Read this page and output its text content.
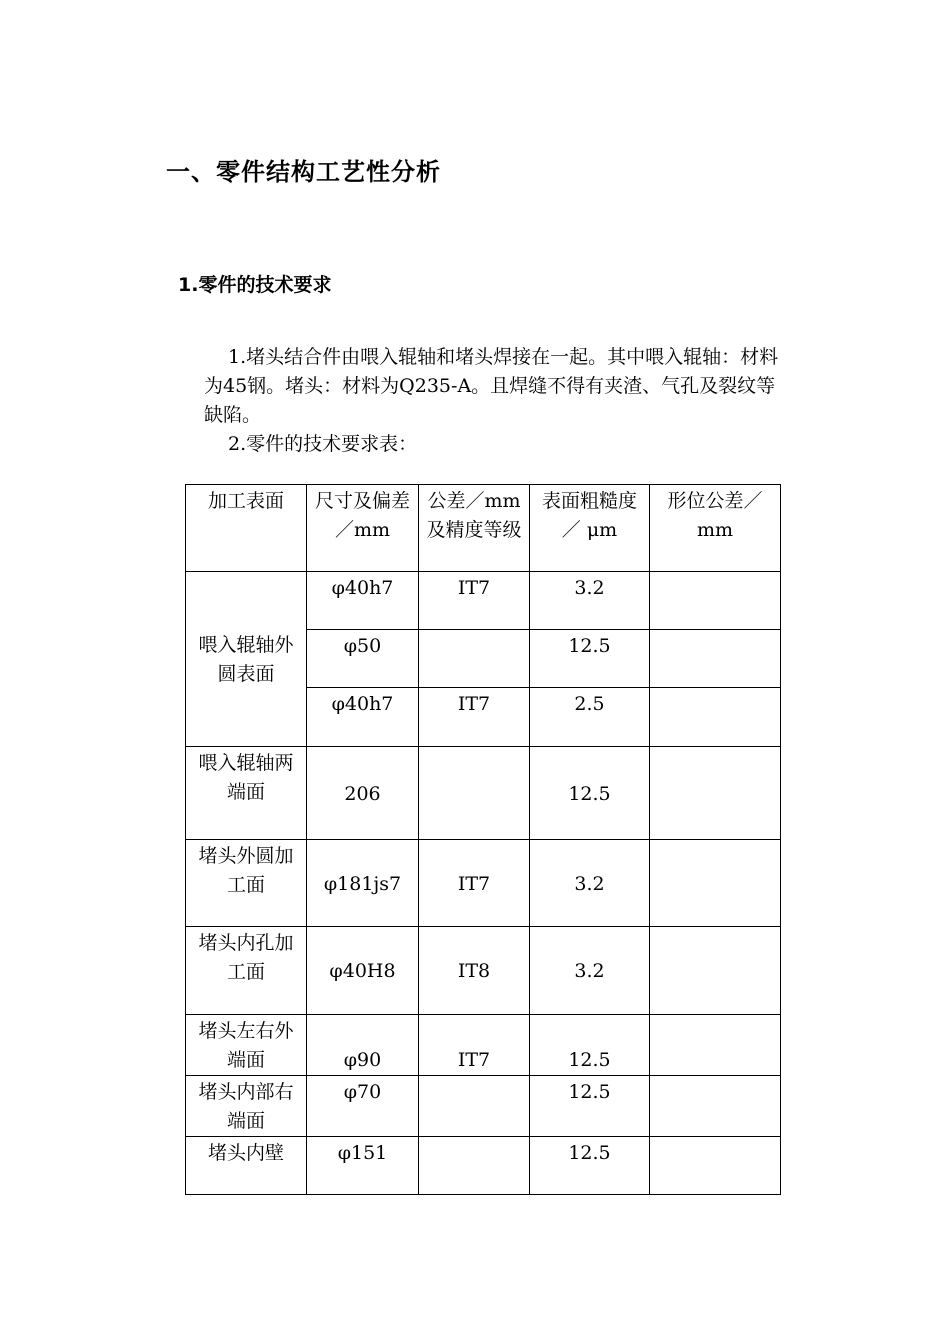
一、零件结构工艺性分析
1.零件的技术要求
1.堵头结合件由喂入辊轴和堵头焊接在一起。其中喂入辊轴：材料为45钢。堵头：材料为Q235-A。且焊缝不得有夹渣、气孔及裂纹等缺陷。
2.零件的技术要求表：
加工表面	尺寸及偏差／mm	公差／mm及精度等级	表面粗糙度／ μm	形位公差／mm
喂入辊轴外圆表面	φ40h7	IT7	3.2	
	φ50		12.5	
	φ40h7	IT7	2.5	
喂入辊轴两端面	206		12.5	
堵头外圆加工面	φ181js7	IT7	3.2	
堵头内孔加工面	φ40H8	IT8	3.2	
堵头左右外端面	φ90	IT7	12.5	
堵头内部右端面	φ70		12.5	
堵头内壁	φ151		12.5	
